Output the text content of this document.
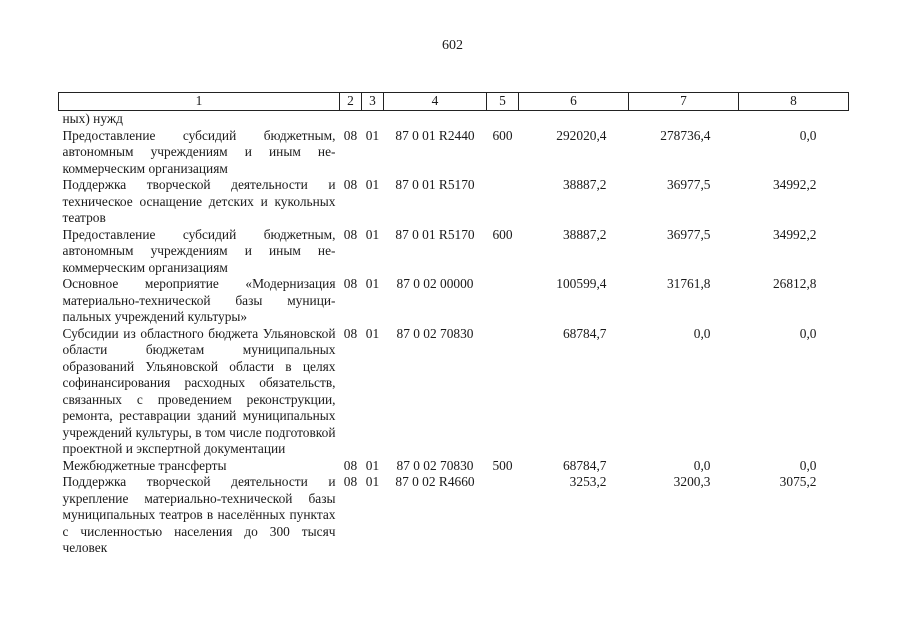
602
1	2	3	4	5	6	7	8
ных) нужд							
Предоставление субсидий бюджетным, автономным учреждениям и иным некоммерческим организациям	08	01	87 0 01 R2440	600	292020,4	278736,4	0,0
Поддержка творческой деятельности и техническое оснащение детских и кукольных театров	08	01	87 0 01 R5170		38887,2	36977,5	34992,2
Предоставление субсидий бюджетным, автономным учреждениям и иным некоммерческим организациям	08	01	87 0 01 R5170	600	38887,2	36977,5	34992,2
Основное мероприятие «Модернизация материально-технической базы муниципальных учреждений культуры»	08	01	87 0 02 00000		100599,4	31761,8	26812,8
Субсидии из областного бюджета Ульяновской области бюджетам муниципальных образований Ульяновской области в целях софинансирования расходных обязательств, связанных с проведением реконструкции, ремонта, реставрации зданий муниципальных учреждений культуры, в том числе подготовкой проектной и экспертной документации	08	01	87 0 02 70830		68784,7	0,0	0,0
Межбюджетные трансферты	08	01	87 0 02 70830	500	68784,7	0,0	0,0
Поддержка творческой деятельности и укрепление материально-технической базы муниципальных театров в населённых пунктах с численностью населения до 300 тысяч человек	08	01	87 0 02 R4660		3253,2	3200,3	3075,2
